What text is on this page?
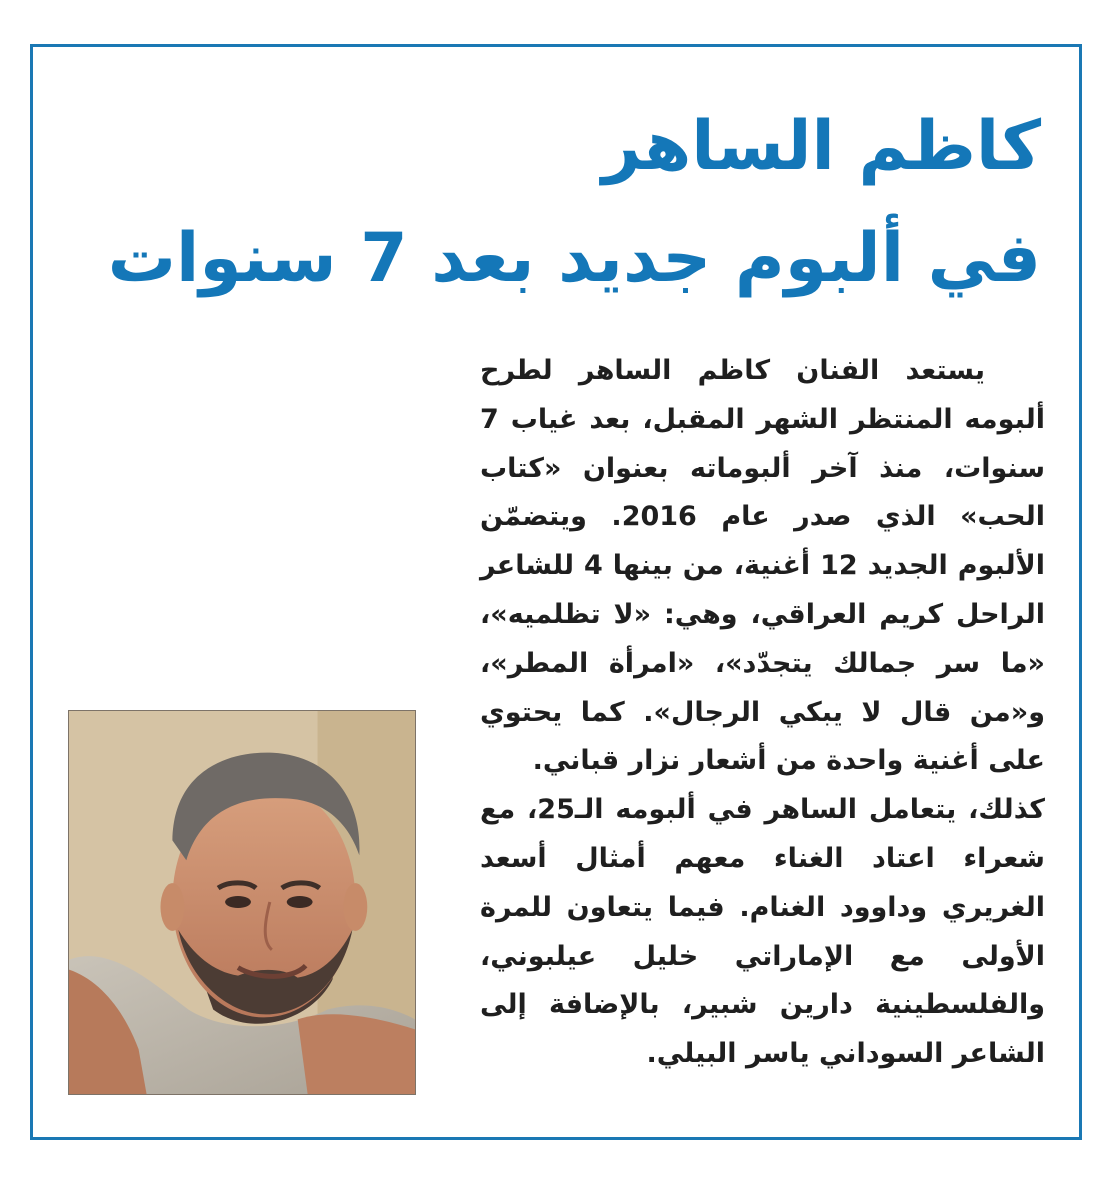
كاظم الساهر
في ألبوم جديد بعد 7 سنوات

يستعد الفنان كاظم الساهر لطرح ألبومه المنتظر الشهر المقبل، بعد غياب 7 سنوات، منذ آخر ألبوماته بعنوان «كتاب الحب» الذي صدر عام 2016. ويتضمّن الألبوم الجديد 12 أغنية، من بينها 4 للشاعر الراحل كريم العراقي، وهي: «لا تظلميه»، «ما سر جمالك يتجدّد»، «امرأة المطر»، و«من قال لا يبكي الرجال». كما يحتوي على أغنية واحدة من أشعار نزار قباني.

كذلك، يتعامل الساهر في ألبومه الـ25، مع شعراء اعتاد الغناء معهم أمثال أسعد الغريري وداوود الغنام. فيما يتعاون للمرة الأولى مع الإماراتي خليل عيلبوني، والفلسطينية دارين شبير، بالإضافة إلى الشاعر السوداني ياسر البيلي.
